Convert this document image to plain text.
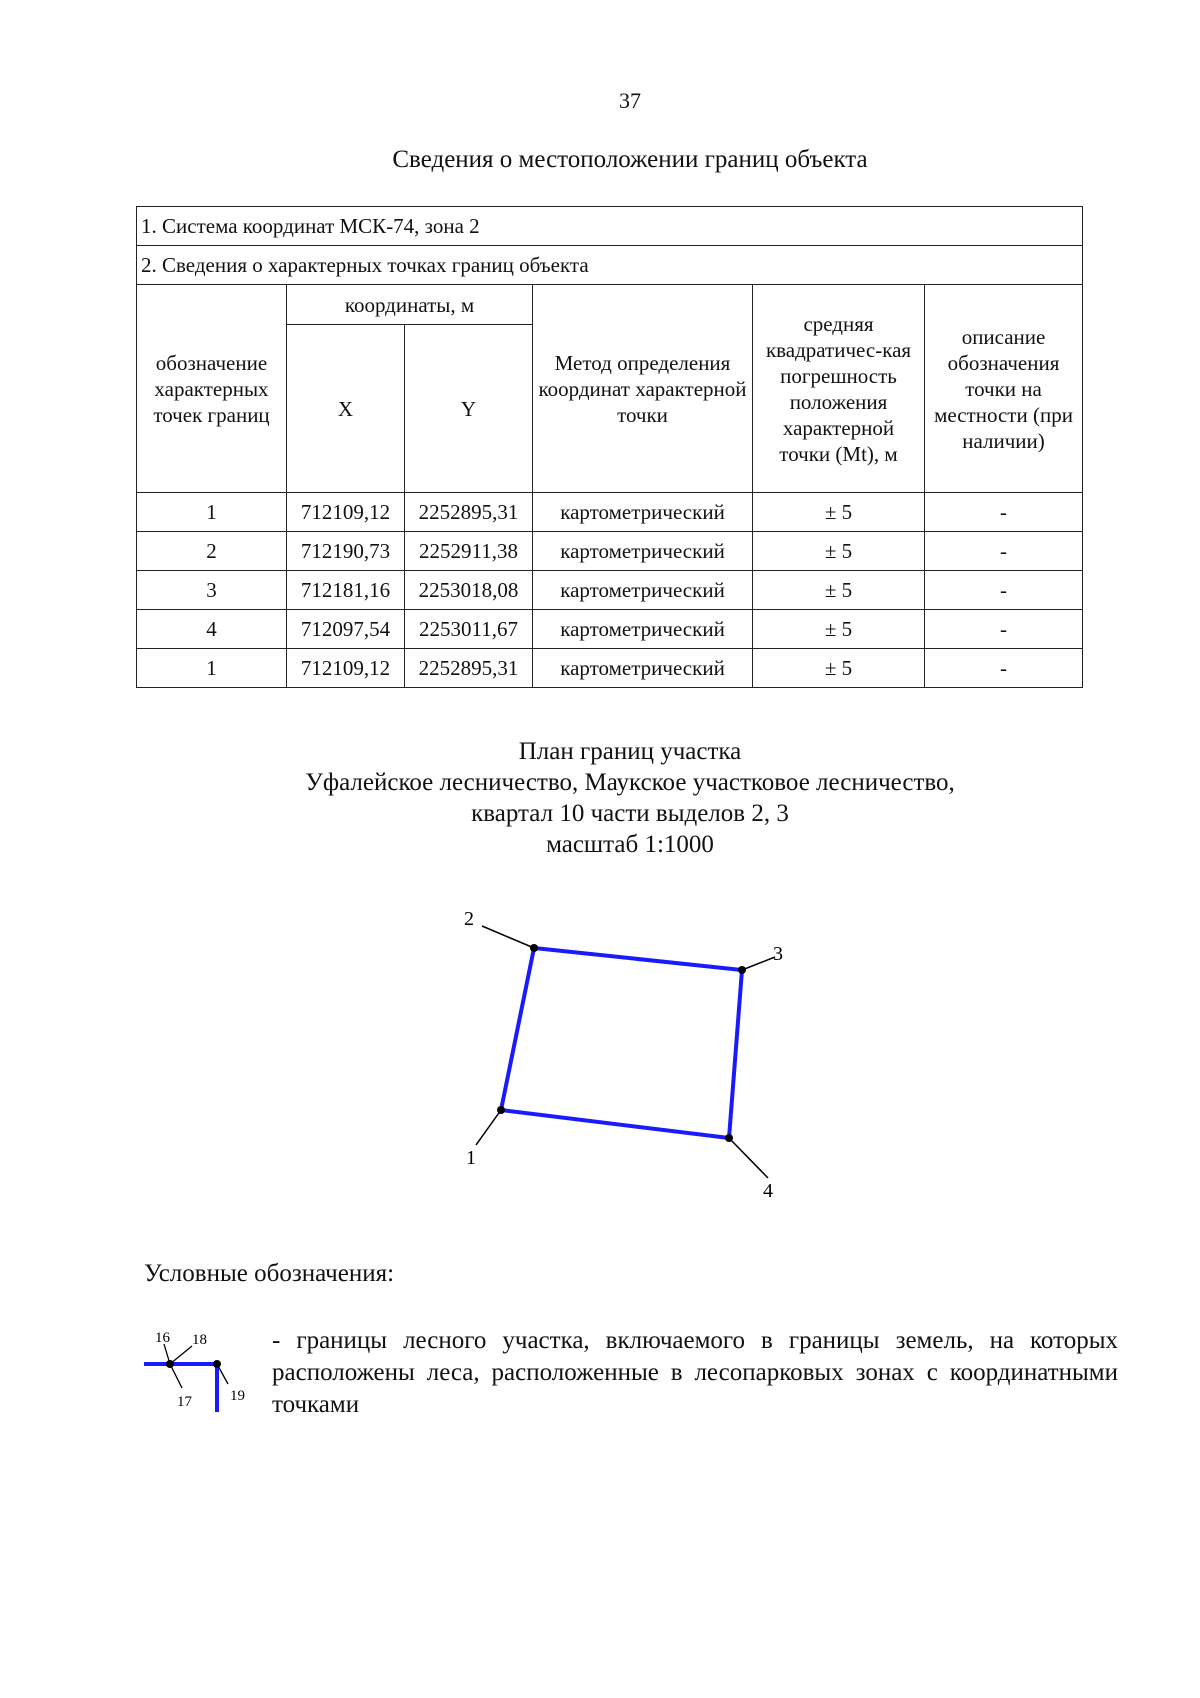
37
Сведения о местоположении границ объекта
1. Система координат МСК-74, зона 2					
2. Сведения о характерных точках границ объекта					
обозначение характерных точек границ	координаты, м		Метод определения координат характерной точки	средняя квадратичес-кая погрешность положения характерной точки (Mt), м	описание обозначения точки на местности (при наличии)
	X	Y			
1	712109,12	2252895,31	картометрический	± 5	-
2	712190,73	2252911,38	картометрический	± 5	-
3	712181,16	2253018,08	картометрический	± 5	-
4	712097,54	2253011,67	картометрический	± 5	-
1	712109,12	2252895,31	картометрический	± 5	-
План границ участка
Уфалейское лесничество, Маукское участковое лесничество,
квартал 10 части выделов 2, 3
масштаб 1:1000
1
2
3
4
Условные обозначения:
16 18
17	19
- границы лесного участка, включаемого в границы земель, на которых расположены леса, расположенные в лесопарковых зонах с координатными точками
